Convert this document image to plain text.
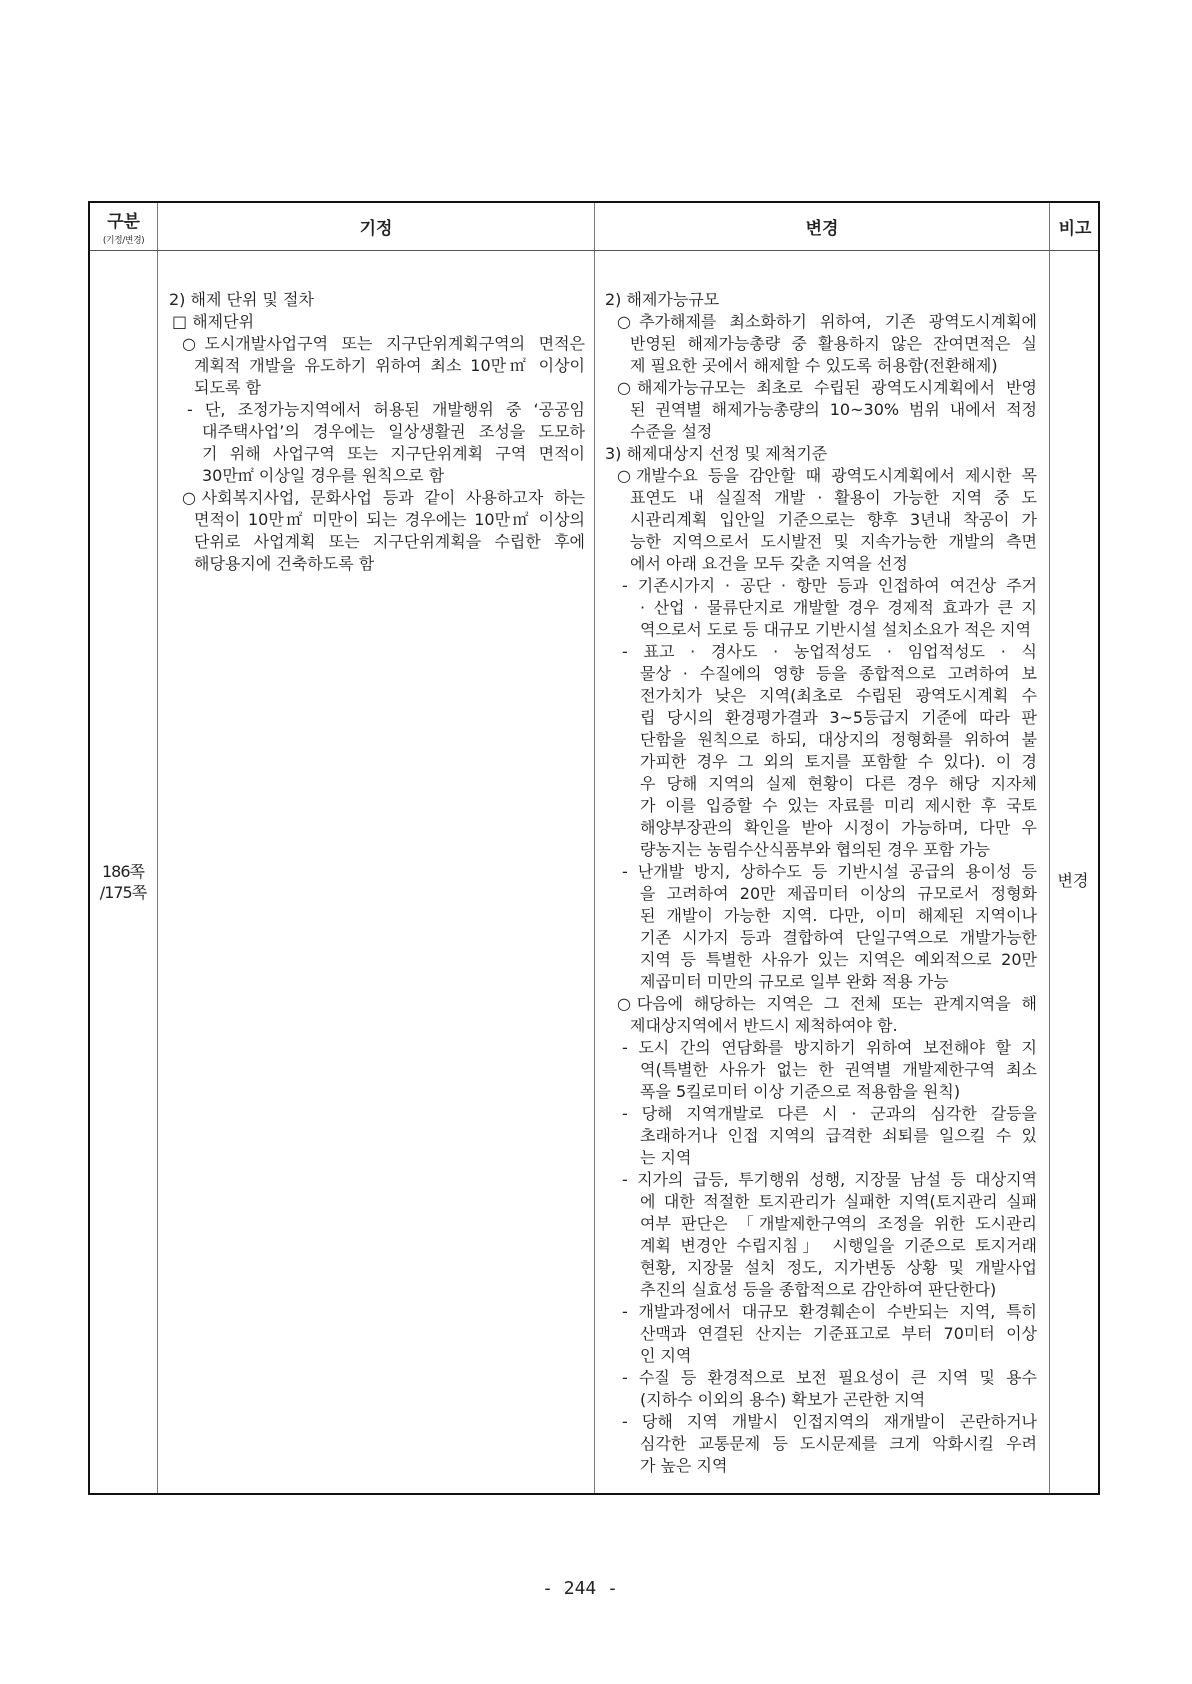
구분
(기정/변경)
기정	변경	비고
186쪽
/175쪽
2) 해제 단위 및 절차
□ 해제단위
○도시개발사업구역 또는 지구단위계획구역의 면적은
계획적 개발을 유도하기 위하여 최소 10만㎡ 이상이
되도록 함
- 단, 조정가능지역에서 허용된 개발행위 중 ‘공공임
대주택사업’의 경우에는 일상생활권 조성을 도모하
기 위해 사업구역 또는 지구단위계획 구역 면적이
30만㎡ 이상일 경우를 원칙으로 함
○사회복지사업, 문화사업 등과 같이 사용하고자 하는
면적이 10만㎡ 미만이 되는 경우에는 10만㎡ 이상의
단위로 사업계획 또는 지구단위계획을 수립한 후에
해당용지에 건축하도록 함
2) 해제가능규모
○추가해제를 최소화하기 위하여, 기존 광역도시계획에
반영된 해제가능총량 중 활용하지 않은 잔여면적은 실
제 필요한 곳에서 해제할 수 있도록 허용함(전환해제)
○해제가능규모는 최초로 수립된 광역도시계획에서 반영
된 권역별 해제가능총량의 10~30% 범위 내에서 적정
수준을 설정
3) 해제대상지 선정 및 제척기준
○개발수요 등을 감안할 때 광역도시계획에서 제시한 목
표연도 내 실질적 개발 · 활용이 가능한 지역 중 도
시관리계획 입안일 기준으로는 향후 3년내 착공이 가
능한 지역으로서 도시발전 및 지속가능한 개발의 측면
에서 아래 요건을 모두 갖춘 지역을 선정
- 기존시가지 · 공단 · 항만 등과 인접하여 여건상 주거
· 산업 · 물류단지로 개발할 경우 경제적 효과가 큰 지
역으로서 도로 등 대규모 기반시설 설치소요가 적은 지역
- 표고 · 경사도 · 농업적성도 · 임업적성도 · 식
물상 · 수질에의 영향 등을 종합적으로 고려하여 보
전가치가 낮은 지역(최초로 수립된 광역도시계획 수
립 당시의 환경평가결과 3~5등급지 기준에 따라 판
단함을 원칙으로 하되, 대상지의 정형화를 위하여 불
가피한 경우 그 외의 토지를 포함할 수 있다). 이 경
우 당해 지역의 실제 현황이 다른 경우 해당 지자체
가 이를 입증할 수 있는 자료를 미리 제시한 후 국토
해양부장관의 확인을 받아 시정이 가능하며, 다만 우
량농지는 농림수산식품부와 협의된 경우 포함 가능
- 난개발 방지, 상하수도 등 기반시설 공급의 용이성 등
을 고려하여 20만 제곱미터 이상의 규모로서 정형화
된 개발이 가능한 지역. 다만, 이미 해제된 지역이나
기존 시가지 등과 결합하여 단일구역으로 개발가능한
지역 등 특별한 사유가 있는 지역은 예외적으로 20만
제곱미터 미만의 규모로 일부 완화 적용 가능
○다음에 해당하는 지역은 그 전체 또는 관계지역을 해
제대상지역에서 반드시 제척하여야 함.
- 도시 간의 연담화를 방지하기 위하여 보전해야 할 지
역(특별한 사유가 없는 한 권역별 개발제한구역 최소
폭을 5킬로미터 이상 기준으로 적용함을 원칙)
- 당해 지역개발로 다른 시 · 군과의 심각한 갈등을
초래하거나 인접 지역의 급격한 쇠퇴를 일으킬 수 있
는 지역
- 지가의 급등, 투기행위 성행, 지장물 남설 등 대상지역
에 대한 적절한 토지관리가 실패한 지역(토지관리 실패
여부 판단은 「개발제한구역의 조정을 위한 도시관리
계획 변경안 수립지침」 시행일을 기준으로 토지거래
현황, 지장물 설치 정도, 지가변동 상황 및 개발사업
추진의 실효성 등을 종합적으로 감안하여 판단한다)
- 개발과정에서 대규모 환경훼손이 수반되는 지역, 특히
산맥과 연결된 산지는 기준표고로 부터 70미터 이상
인 지역
- 수질 등 환경적으로 보전 필요성이 큰 지역 및 용수
(지하수 이외의 용수) 확보가 곤란한 지역
- 당해 지역 개발시 인접지역의 재개발이 곤란하거나
심각한 교통문제 등 도시문제를 크게 악화시킬 우려
가 높은 지역
변경
- 244 -
